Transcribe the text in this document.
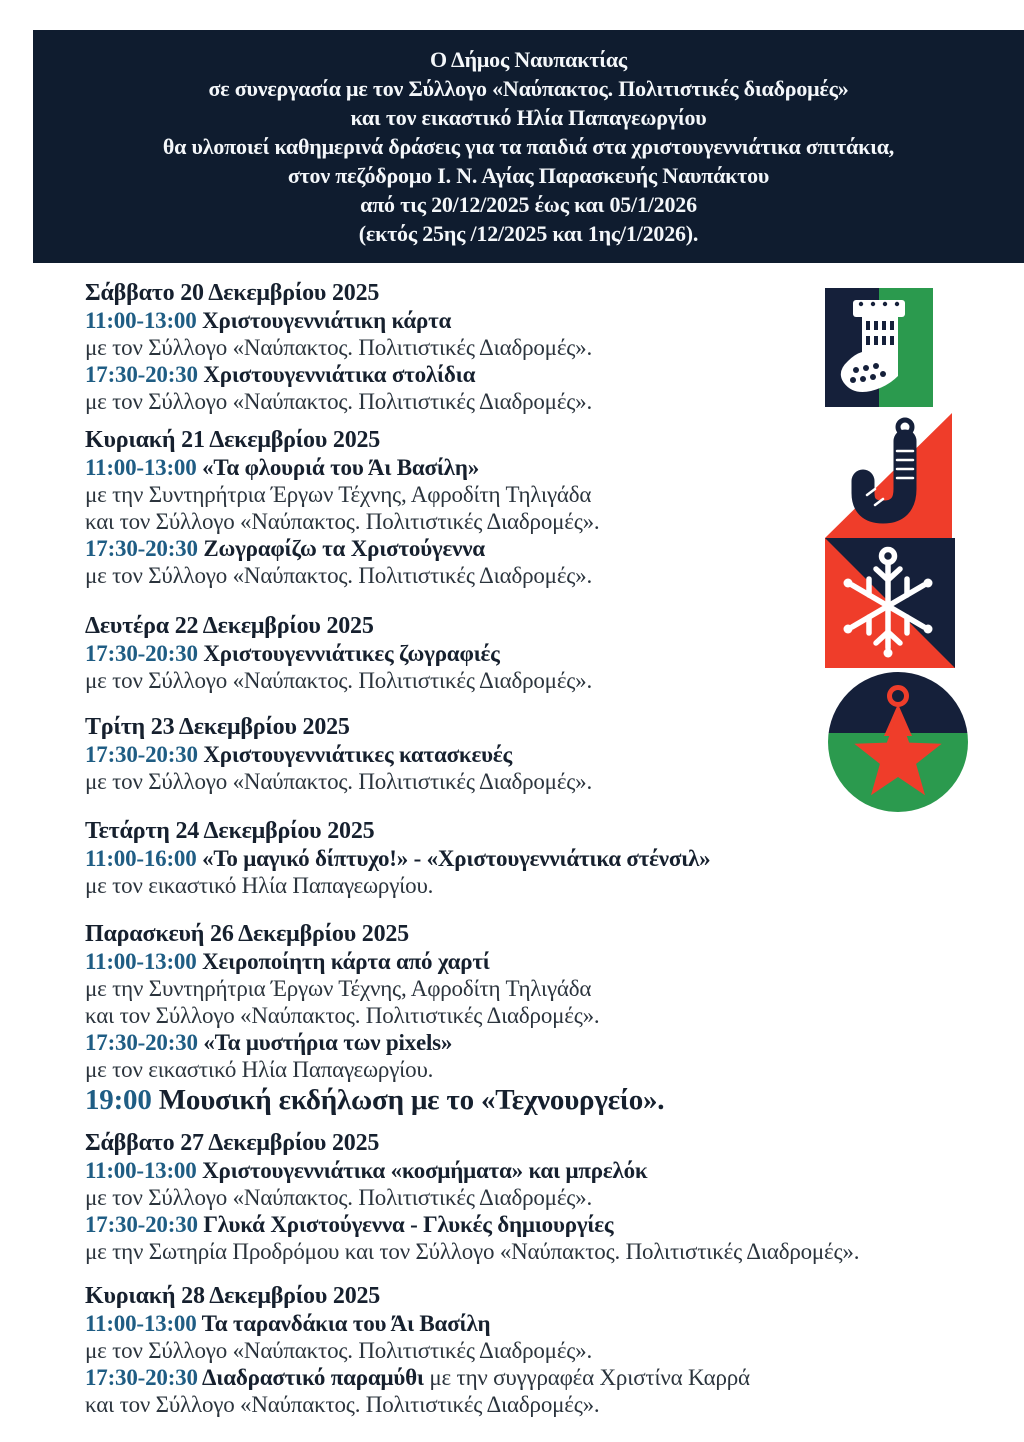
Ο Δήμος Ναυπακτίας
σε συνεργασία με τον Σύλλογο «Ναύπακτος. Πολιτιστικές διαδρομές»
και τον εικαστικό Ηλία Παπαγεωργίου
θα υλοποιεί καθημερινά δράσεις για τα παιδιά στα χριστουγεννιάτικα σπιτάκια,
στον πεζόδρομο Ι. Ν. Αγίας Παρασκευής Ναυπάκτου
από τις 20/12/2025 έως και 05/1/2026
(εκτός 25ης /12/2025 και 1ης/1/2026).
Σάββατο 20 Δεκεμβρίου 2025
11:00-13:00 Χριστουγεννιάτικη κάρτα
με τον Σύλλογο «Ναύπακτος. Πολιτιστικές Διαδρομές».
17:30-20:30 Χριστουγεννιάτικα στολίδια
με τον Σύλλογο «Ναύπακτος. Πολιτιστικές Διαδρομές».
Κυριακή 21 Δεκεμβρίου 2025
11:00-13:00 «Τα φλουριά του Άι Βασίλη»
με την Συντηρήτρια Έργων Τέχνης, Αφροδίτη Τηλιγάδα
και τον Σύλλογο «Ναύπακτος. Πολιτιστικές Διαδρομές».
17:30-20:30 Ζωγραφίζω τα Χριστούγεννα
με τον Σύλλογο «Ναύπακτος. Πολιτιστικές Διαδρομές».
Δευτέρα 22 Δεκεμβρίου 2025
17:30-20:30 Χριστουγεννιάτικες ζωγραφιές
με τον Σύλλογο «Ναύπακτος. Πολιτιστικές Διαδρομές».
Τρίτη 23 Δεκεμβρίου 2025
17:30-20:30 Χριστουγεννιάτικες κατασκευές
με τον Σύλλογο «Ναύπακτος. Πολιτιστικές Διαδρομές».
Τετάρτη 24 Δεκεμβρίου 2025
11:00-16:00 «Το μαγικό δίπτυχο!» - «Χριστουγεννιάτικα στένσιλ»
με τον εικαστικό Ηλία Παπαγεωργίου.
Παρασκευή 26 Δεκεμβρίου 2025
11:00-13:00 Χειροποίητη κάρτα από χαρτί
με την Συντηρήτρια Έργων Τέχνης, Αφροδίτη Τηλιγάδα
και τον Σύλλογο «Ναύπακτος. Πολιτιστικές Διαδρομές».
17:30-20:30 «Τα μυστήρια των pixels»
με τον εικαστικό Ηλία Παπαγεωργίου.
19:00 Μουσική εκδήλωση με το «Τεχνουργείο».
Σάββατο 27 Δεκεμβρίου 2025
11:00-13:00 Χριστουγεννιάτικα «κοσμήματα» και μπρελόκ
με τον Σύλλογο «Ναύπακτος. Πολιτιστικές Διαδρομές».
17:30-20:30 Γλυκά Χριστούγεννα - Γλυκές δημιουργίες
με την Σωτηρία Προδρόμου και τον Σύλλογο «Ναύπακτος. Πολιτιστικές Διαδρομές».
Κυριακή 28 Δεκεμβρίου 2025
11:00-13:00 Τα ταρανδάκια του Άι Βασίλη
με τον Σύλλογο «Ναύπακτος. Πολιτιστικές Διαδρομές».
17:30-20:30 Διαδραστικό παραμύθι με την συγγραφέα Χριστίνα Καρρά
και τον Σύλλογο «Ναύπακτος. Πολιτιστικές Διαδρομές».
